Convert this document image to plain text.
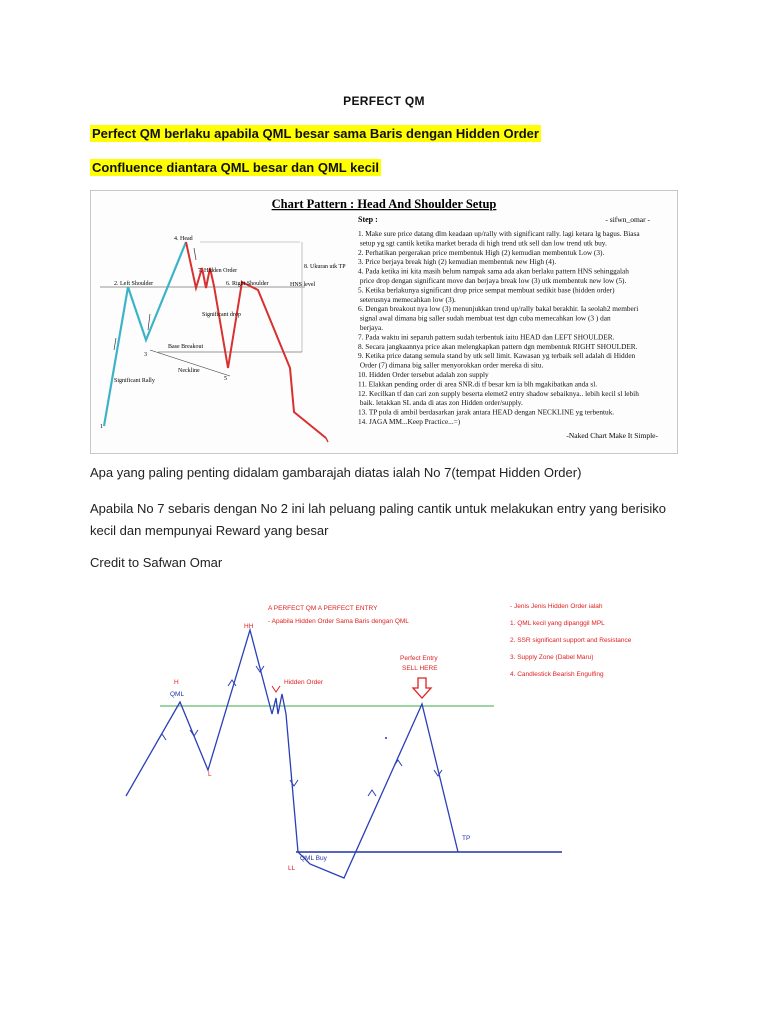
PERFECT QM
Perfect QM berlaku apabila QML besar sama Baris dengan Hidden Order
Confluence diantara QML besar dan QML kecil
Chart Pattern : Head And Shoulder Setup
Step :	- sifwn_omar -
4. Head
2. Left Shoulder
7. Hidden Order
6. Right Shoulder
8. Ukuran utk TP
HNS level
Significant drop
Base Breakout
Neckline
Significant Rally
1
3
5
1. Make sure price datang dlm keadaan up/rally with significant rally. lagi ketara lg bagus. Biasa setup yg sgt cantik ketika market berada di high trend utk sell dan low trend utk buy. 2. Perhatikan pergerakan price membentuk High (2) kemudian membentuk Low (3). 3. Price berjaya break high (2) kemudian membentuk new High (4). 4. Pada ketika ini kita masih belum nampak sama ada akan berlaku pattern HNS sehinggalah price drop dengan significant move dan berjaya break low (3) utk membentuk new low (5). 5. Ketika berlakunya significant drop price sempat membuat sedikit base (hidden order) seterusnya memecahkan low (3). 6. Dengan breakout nya low (3) menunjukkan trend up/rally bakal berakhir. Ia seolah2 memberi signal awal dimana big saller sudah membuat test dgn cuba memecahkan low (3 ) dan berjaya. 7. Pada waktu ini separuh pattern sudah terbentuk iaitu HEAD dan LEFT SHOULDER. 8. Secara jangkaannya price akan melengkapkan pattern dgn membentuk RIGHT SHOULDER. 9. Ketika price datang semula stand by utk sell limit. Kawasan yg terbaik sell adalah di Hidden Order (7) dimana big saller menyorokkan order mereka di situ. 10. Hidden Order tersebut adalah zon supply 11. Elakkan pending order di area SNR.di tf besar krn ia blh mgakibatkan anda sl. 12. Kecilkan tf dan cari zon supply beserta elemet2 entry shadow sebaiknya.. lebih kecil sl lebih baik. letakkan SL anda di atas zon Hidden order/supply. 13. TP pula di ambil berdasarkan jarak antara HEAD dengan NECKLINE yg terbentuk. 14. JAGA MM...Keep Practice...=)
-Naked Chart Make It Simple-
Apa yang paling penting didalam gambarajah diatas ialah No 7(tempat Hidden Order)
Apabila No 7 sebaris dengan No 2 ini lah peluang paling cantik untuk melakukan entry yang berisiko kecil dan mempunyai Reward yang besar
Credit to Safwan Omar
A PERFECT QM A PERFECT ENTRY
- Apabila Hidden Order Sama Baris dengan QML
- Jenis Jenis Hidden Order ialah 1. QML kecil yang dipanggil MPL 2. SSR significant support and Resistance 3. Supply Zone (Dabel Maru) 4. Candlestick Bearish Engulfing
HH
H
L
Hidden Order
Perfect Entry
SELL HERE
LL
QML
QML Buy
TP
